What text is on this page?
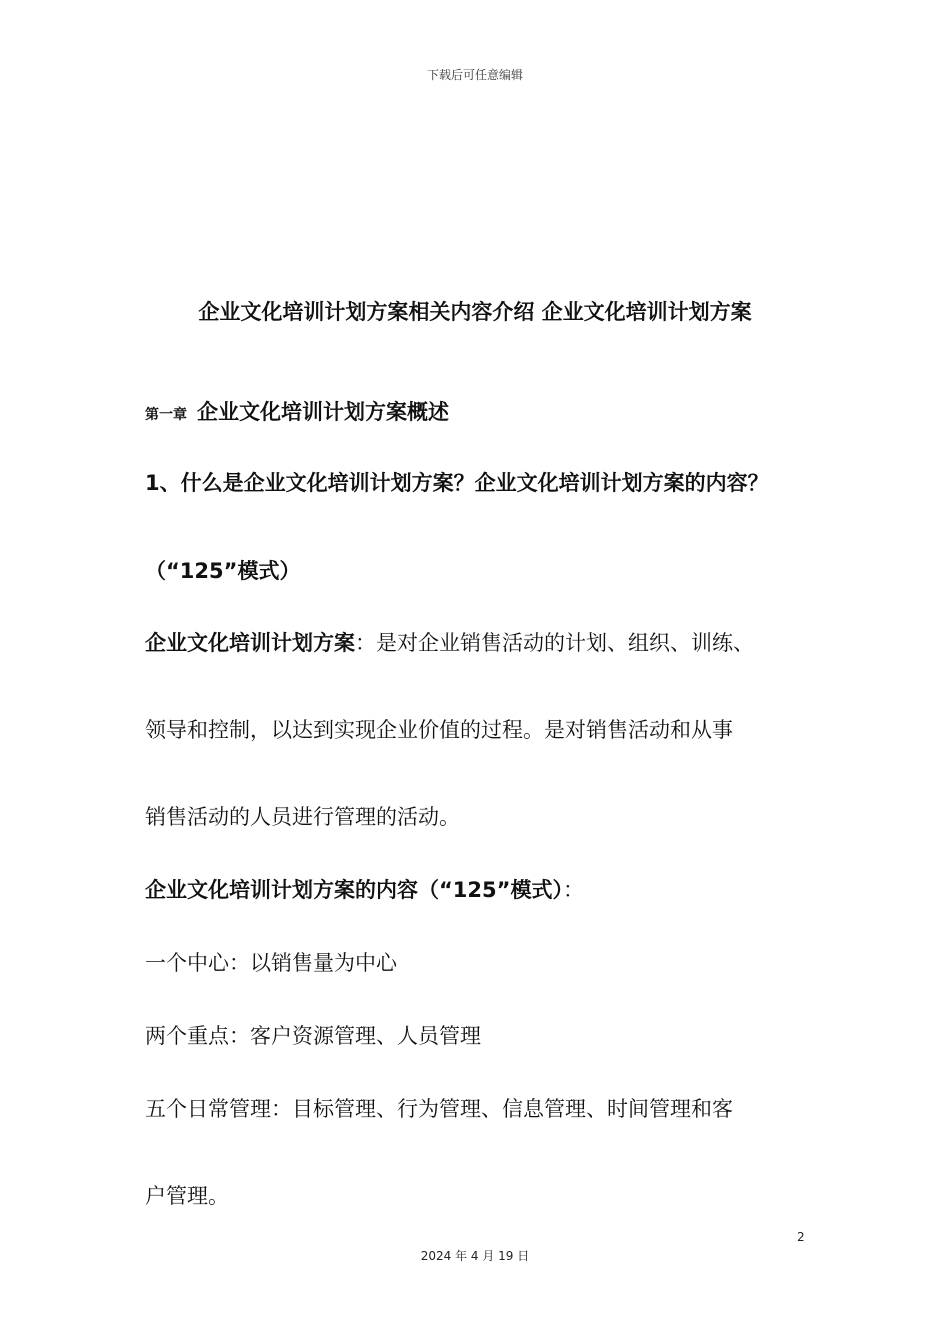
下载后可任意编辑
企业文化培训计划方案相关内容介绍 企业文化培训计划方案
第一章 企业文化培训计划方案概述
1、什么是企业文化培训计划方案？企业文化培训计划方案的内容？
（“125”模式）
企业文化培训计划方案：是对企业销售活动的计划、组织、训练、
领导和控制，以达到实现企业价值的过程。是对销售活动和从事
销售活动的人员进行管理的活动。
企业文化培训计划方案的内容（“125”模式）：
一个中心：以销售量为中心
两个重点：客户资源管理、人员管理
五个日常管理：目标管理、行为管理、信息管理、时间管理和客
户管理。
2
2024 年 4 月 19 日
